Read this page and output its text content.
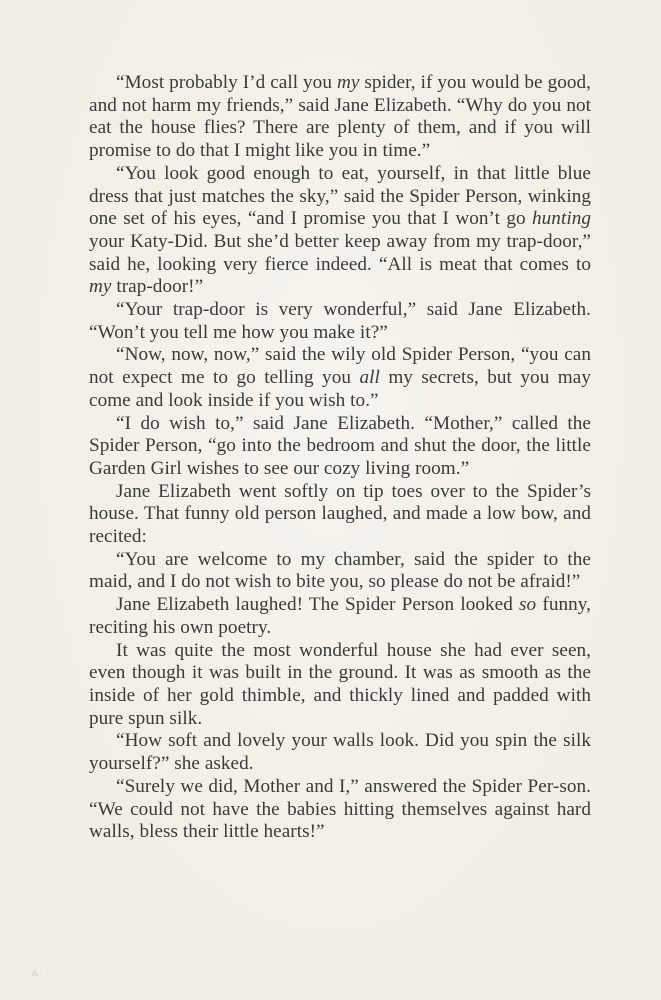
“Most probably I’d call you my spider, if you would be good, and not harm my friends,” said Jane Elizabeth. “Why do you not eat the house flies? There are plenty of them, and if you will promise to do that I might like you in time.”

“You look good enough to eat, yourself, in that little blue dress that just matches the sky,” said the Spider Person, winking one set of his eyes, “and I promise you that I won’t go hunting your Katy-Did. But she’d better keep away from my trap-door,” said he, looking very fierce indeed. “All is meat that comes to my trap-door!”

“Your trap-door is very wonderful,” said Jane Elizabeth. “Won’t you tell me how you make it?”

“Now, now, now,” said the wily old Spider Person, “you can not expect me to go telling you all my secrets, but you may come and look inside if you wish to.”

“I do wish to,” said Jane Elizabeth. “Mother,” called the Spider Person, “go into the bedroom and shut the door, the little Garden Girl wishes to see our cozy living room.”

Jane Elizabeth went softly on tip toes over to the Spider’s house. That funny old person laughed, and made a low bow, and recited:

“You are welcome to my chamber, said the spider to the maid, and I do not wish to bite you, so please do not be afraid!”

Jane Elizabeth laughed! The Spider Person looked so funny, reciting his own poetry.

It was quite the most wonderful house she had ever seen, even though it was built in the ground. It was as smooth as the inside of her gold thimble, and thickly lined and padded with pure spun silk.

“How soft and lovely your walls look. Did you spin the silk yourself?” she asked.

“Surely we did, Mother and I,” answered the Spider Per-son. “We could not have the babies hitting themselves against hard walls, bless their little hearts!”

⁂ ∙ ∙
